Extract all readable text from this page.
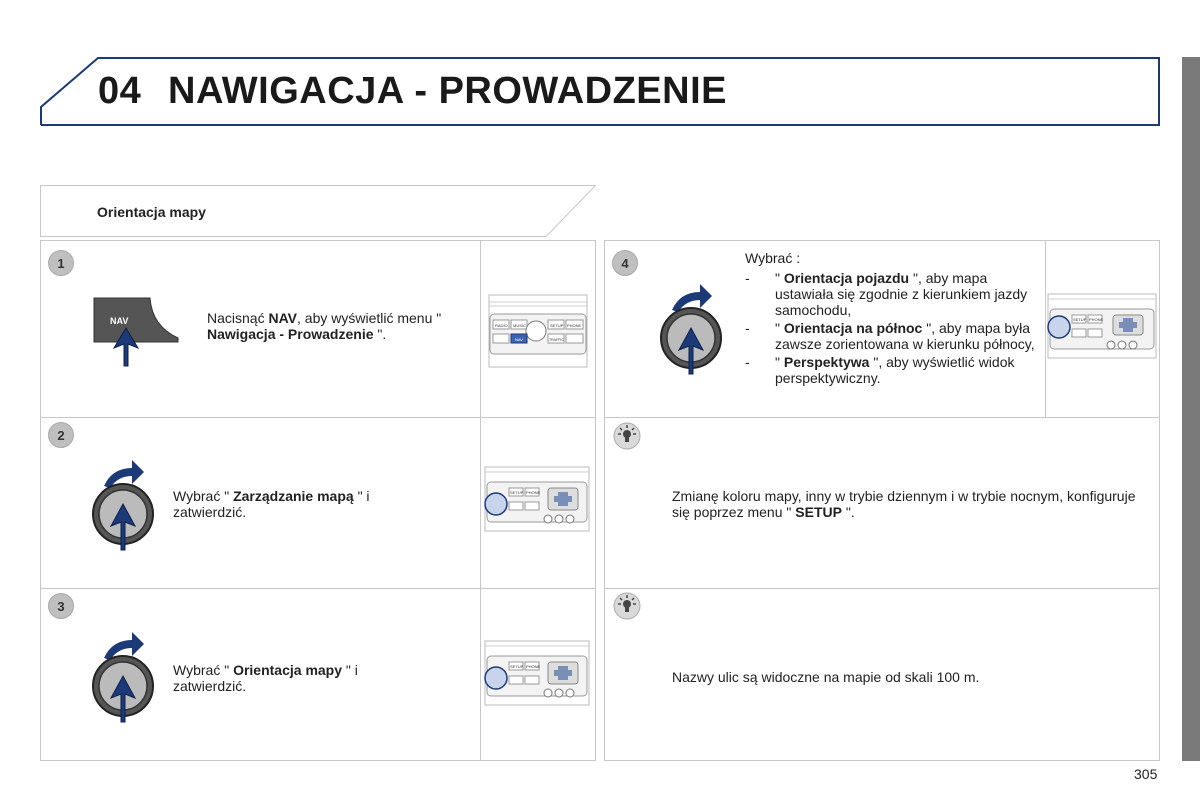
04 NAWIGACJA - PROWADZENIE
Orientacja mapy
1
NAV	Nacisnąć NAV, aby wyświetlić menu " Nawigacja - Prowadzenie ".
RADIO MUSIC	SETUP PHONE
NAV	TRAFFIC
2
Wybrać " Zarządzanie mapą " i zatwierdzić.
SETUP PHONE
3
Wybrać " Orientacja mapy " i zatwierdzić.
SETUP PHONE
4	Wybrać :
- " Orientacja pojazdu ", aby mapa ustawiała się zgodnie z kierunkiem jazdy samochodu,
- " Orientacja na północ ", aby mapa była zawsze zorientowana w kierunku północy,
- " Perspektywa ", aby wyświetlić widok perspektywiczny.
SETUP PHONE
Zmianę koloru mapy, inny w trybie dziennym i w trybie nocnym, konfiguruje się poprzez menu " SETUP ".
Nazwy ulic są widoczne na mapie od skali 100 m.
305
